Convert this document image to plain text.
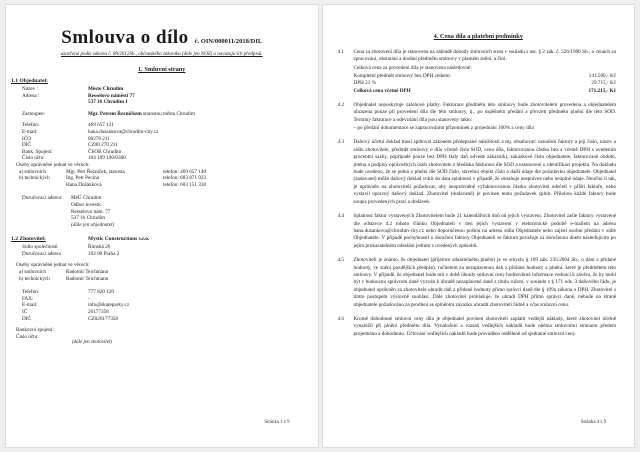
Smlouva o dílo č. OIN/000011/2018/DIL
uzavřená podle zákona č. 89/2012Sb., občanského zákoníku (dále jen NOZ) a navazujících předpisů.
1. Smluvní strany
1.1 Objednatel:
Název :	Město Chrudim
Adresa :	Resselovo náměstí 77
537 16 Chrudim I
Zastoupen:	Mgr. Petrem Řezníčkem starostou města Chrudim
Telefon:	469 657 121
E-mail:	hana.dusankova@chrudim-city.cz
IČO	00270 211
DIČ	CZ00 270 211
Bank. Spojení:	ČSOB Chrudim
Číslo účtu:	104 109 190/0300
Osoby oprávněné jednat ve věcech:
a) smluvních	Mgr. Petr Řezníček, starosta	telefon: 469 657 140
b) technických	Ing. Petr Pecina	telefon: 603 871 923
Hana Dušánková	telefon: 603 151 330
Doručovací adresa:	MěÚ Chrudim
Odbor investic
Resselovo nám. 77
537 16 Chrudim
(dále jen objednatel)
1.2 Zhotovitel:	Mystic Constructions s.r.o.
Sídlo společnosti	Římská 26
Doručovací adresa	102 00 Praha 2
Osoby oprávněné jednat ve věcech:
a) smluvních	Radomír Teichmann
b) technických	Radomír Teichmann
Telefon:	777 820 120
FAX:	-
E-mail:	info@skateparky.cz
IČ	26177358
DIČ	CZ026177358
Bankovní spojení:
Číslo účtu:
(dále jen zhotovitel)
Stránka 1 z 9
4. Cena díla a platební podmínky
4.1	Cena za zhotovení díla je stanovena na základě dohody smluvních stran v souladu s ust. § 2 zák. č. 526/1990 Sb., o cenách za zpracování, obstarání a dodání předmětu smlouvy v platném znění, a činí:
Celková cena za provedení díla je stanovena následovně:
Kompletní předmět smlouvy bez DPH celkem:	141.500,- Kč
DPH 21 %	29.715,- Kč
Celková cena včetně DPH	171.215,- Kč
4.2	Objednatel neposkytuje zálohové platby. Fakturace předmětu této smlouvy bude zhotovitelem provedena a objednatelem uhrazena pouze při provedení díla dle této smlouvy, tj., po úspěšném předání a převzetí předmětu plnění dle této SOD. Termíny fakturace a odevzdání díla jsou stanoveny takto:
– po předání dokumentace se zapracováním připomínek z projednání 100% z ceny díla
4.3	Daňový účetní doklad musí splňovat zákonem předepsané náležitosti a mj. obsahovat: označení faktury a její číslo, název a sídlo zhotovitele, předmět smlouvy o dílo včetně čísla SOD, cenu díla, fakturovanou částku bez a včetně DPH s uvedením procentní sazby, popřípadě pouze bez DPH (kdy daň odvede zákazník), zakázkové číslo objednatele, fakturované období, jména a podpisy oprávněných osob zhotovitele z hlediska fakturace dle SOD a ustanovení o identifikaci projektu. Na dokladu bude uvedeno, že se jedná o plnění dle SOD číslo, stavební objekt číslo a další údaje dle požadavku objednatele. Objednatel (zadavatel) může daňový doklad vrátit do data splatnosti v případě, že obsahuje nesprávné nebo neúplné údaje. Neučiní li tak, je oprávněn na zhotoviteli požadovat, aby neoprávněně vyfakturovanou částku zhotovitel odečetl v příští faktuře, nebo vystavil opravný daňový doklad. Zhotovitel (dodavatel) je povinen tento požadavek splnit. Přílohou každé faktury bude soupis provedených prací a dodávek.
4.4	Splatnost faktur vystavených Zhotovitelem bude 21 kalendářních dnů od jejich vystavení. Zhotovitel zašle faktury vystavené dle odstavce 4.2 tohoto článku Objednateli v den jejich vystavení v elektronické podobě e-mailem na adresu hana.dusankova@chrudim-city.cz nebo doporučenou poštou na adresu sídla Objednatele nebo zajistí osobní předání v sídle Objednatele. V případě pochybností o doručení faktury Objednateli se faktura považuje za doručenou dnem následujícím po jejím prokazatelném odeslání jedním z uvedených způsobů.
4.5	Zhotoviteli je známo, že objednatel (příjemce zdanitelného plnění) je ve smyslu § 109 zák. 235/2004 Sb., o dani z přidané hodnoty, ve znění pozdějších předpisů, ručitelem za nezaplacenou daň z přidané hodnoty z plnění, které je předmětem této smlouvy. V případě, že objednatel bude mít v době úhrady smluvní ceny hodnověrné informace vedoucí k závěru, že by mohl být v budoucnu správcem daně vyzván k úhradě nezaplacené daně z titulu ručení, v souladu s § 171 ods. 3 daňového řádu, je objednatel oprávněn za zhotovitele uhradit daň z přidané hodnoty přímo správci daně dle § 109a zákona o DPH. Zhotovitel s tímto postupem výslovně souhlasí. Dále zhotovitel prohlašuje, že uhradí DPH přímo správci daně, nebude na straně objednatele požadováno za prodlení se splněním závazku uhradit zhotoviteli řádně a včas smluvní cenu.
4.6	Kromě dohodnuté smluvní ceny díla je objednatel povinen zhotoviteli zaplatit vedlejší náklady, které zhotovitel účelně vynaložil při plnění předmětu díla. Vynaložení a rozsah vedlejších nákladů bude oběma smluvními stranami předem projednáno a dohodnuto. Účtování vedlejších nákladů bude prováděno odděleně od sjednané smluvní ceny.
Stránka 4 z 9
